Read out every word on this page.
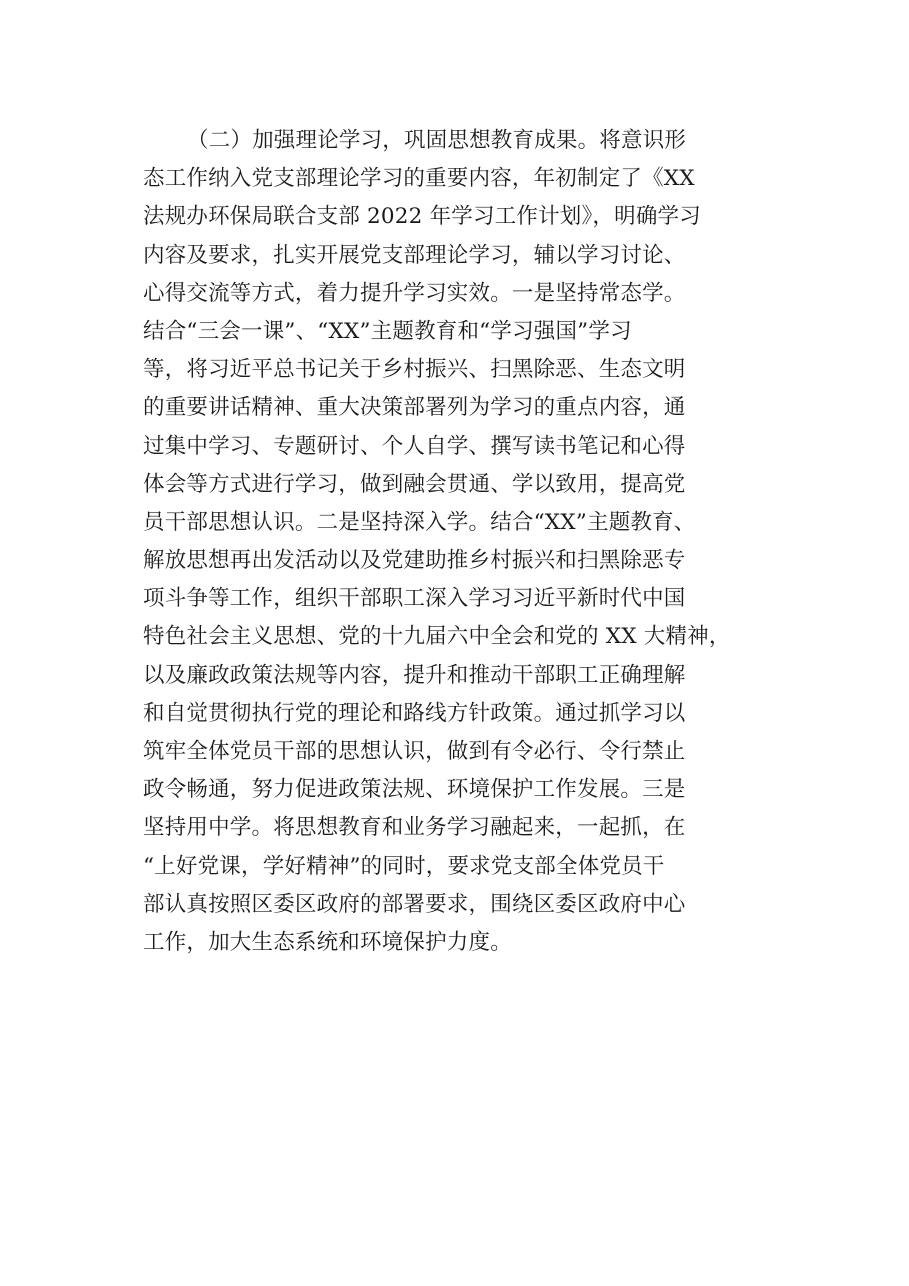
（二）加强理论学习，巩固思想教育成果。将意识形
态工作纳入党支部理论学习的重要内容，年初制定了《XX
法规办环保局联合支部 2022 年学习工作计划》，明确学习
内容及要求，扎实开展党支部理论学习，辅以学习讨论、
心得交流等方式，着力提升学习实效。一是坚持常态学。
结合“三会一课”、“XX”主题教育和“学习强国”学习
等，将习近平总书记关于乡村振兴、扫黑除恶、生态文明
的重要讲话精神、重大决策部署列为学习的重点内容，通
过集中学习、专题研讨、个人自学、撰写读书笔记和心得
体会等方式进行学习，做到融会贯通、学以致用，提高党
员干部思想认识。二是坚持深入学。结合“XX”主题教育、
解放思想再出发活动以及党建助推乡村振兴和扫黑除恶专
项斗争等工作，组织干部职工深入学习习近平新时代中国
特色社会主义思想、党的十九届六中全会和党的 XX 大精神，
以及廉政政策法规等内容，提升和推动干部职工正确理解
和自觉贯彻执行党的理论和路线方针政策。通过抓学习以
筑牢全体党员干部的思想认识，做到有令必行、令行禁止
政令畅通，努力促进政策法规、环境保护工作发展。三是
坚持用中学。将思想教育和业务学习融起来，一起抓，在
“上好党课，学好精神”的同时，要求党支部全体党员干
部认真按照区委区政府的部署要求，围绕区委区政府中心
工作，加大生态系统和环境保护力度。
